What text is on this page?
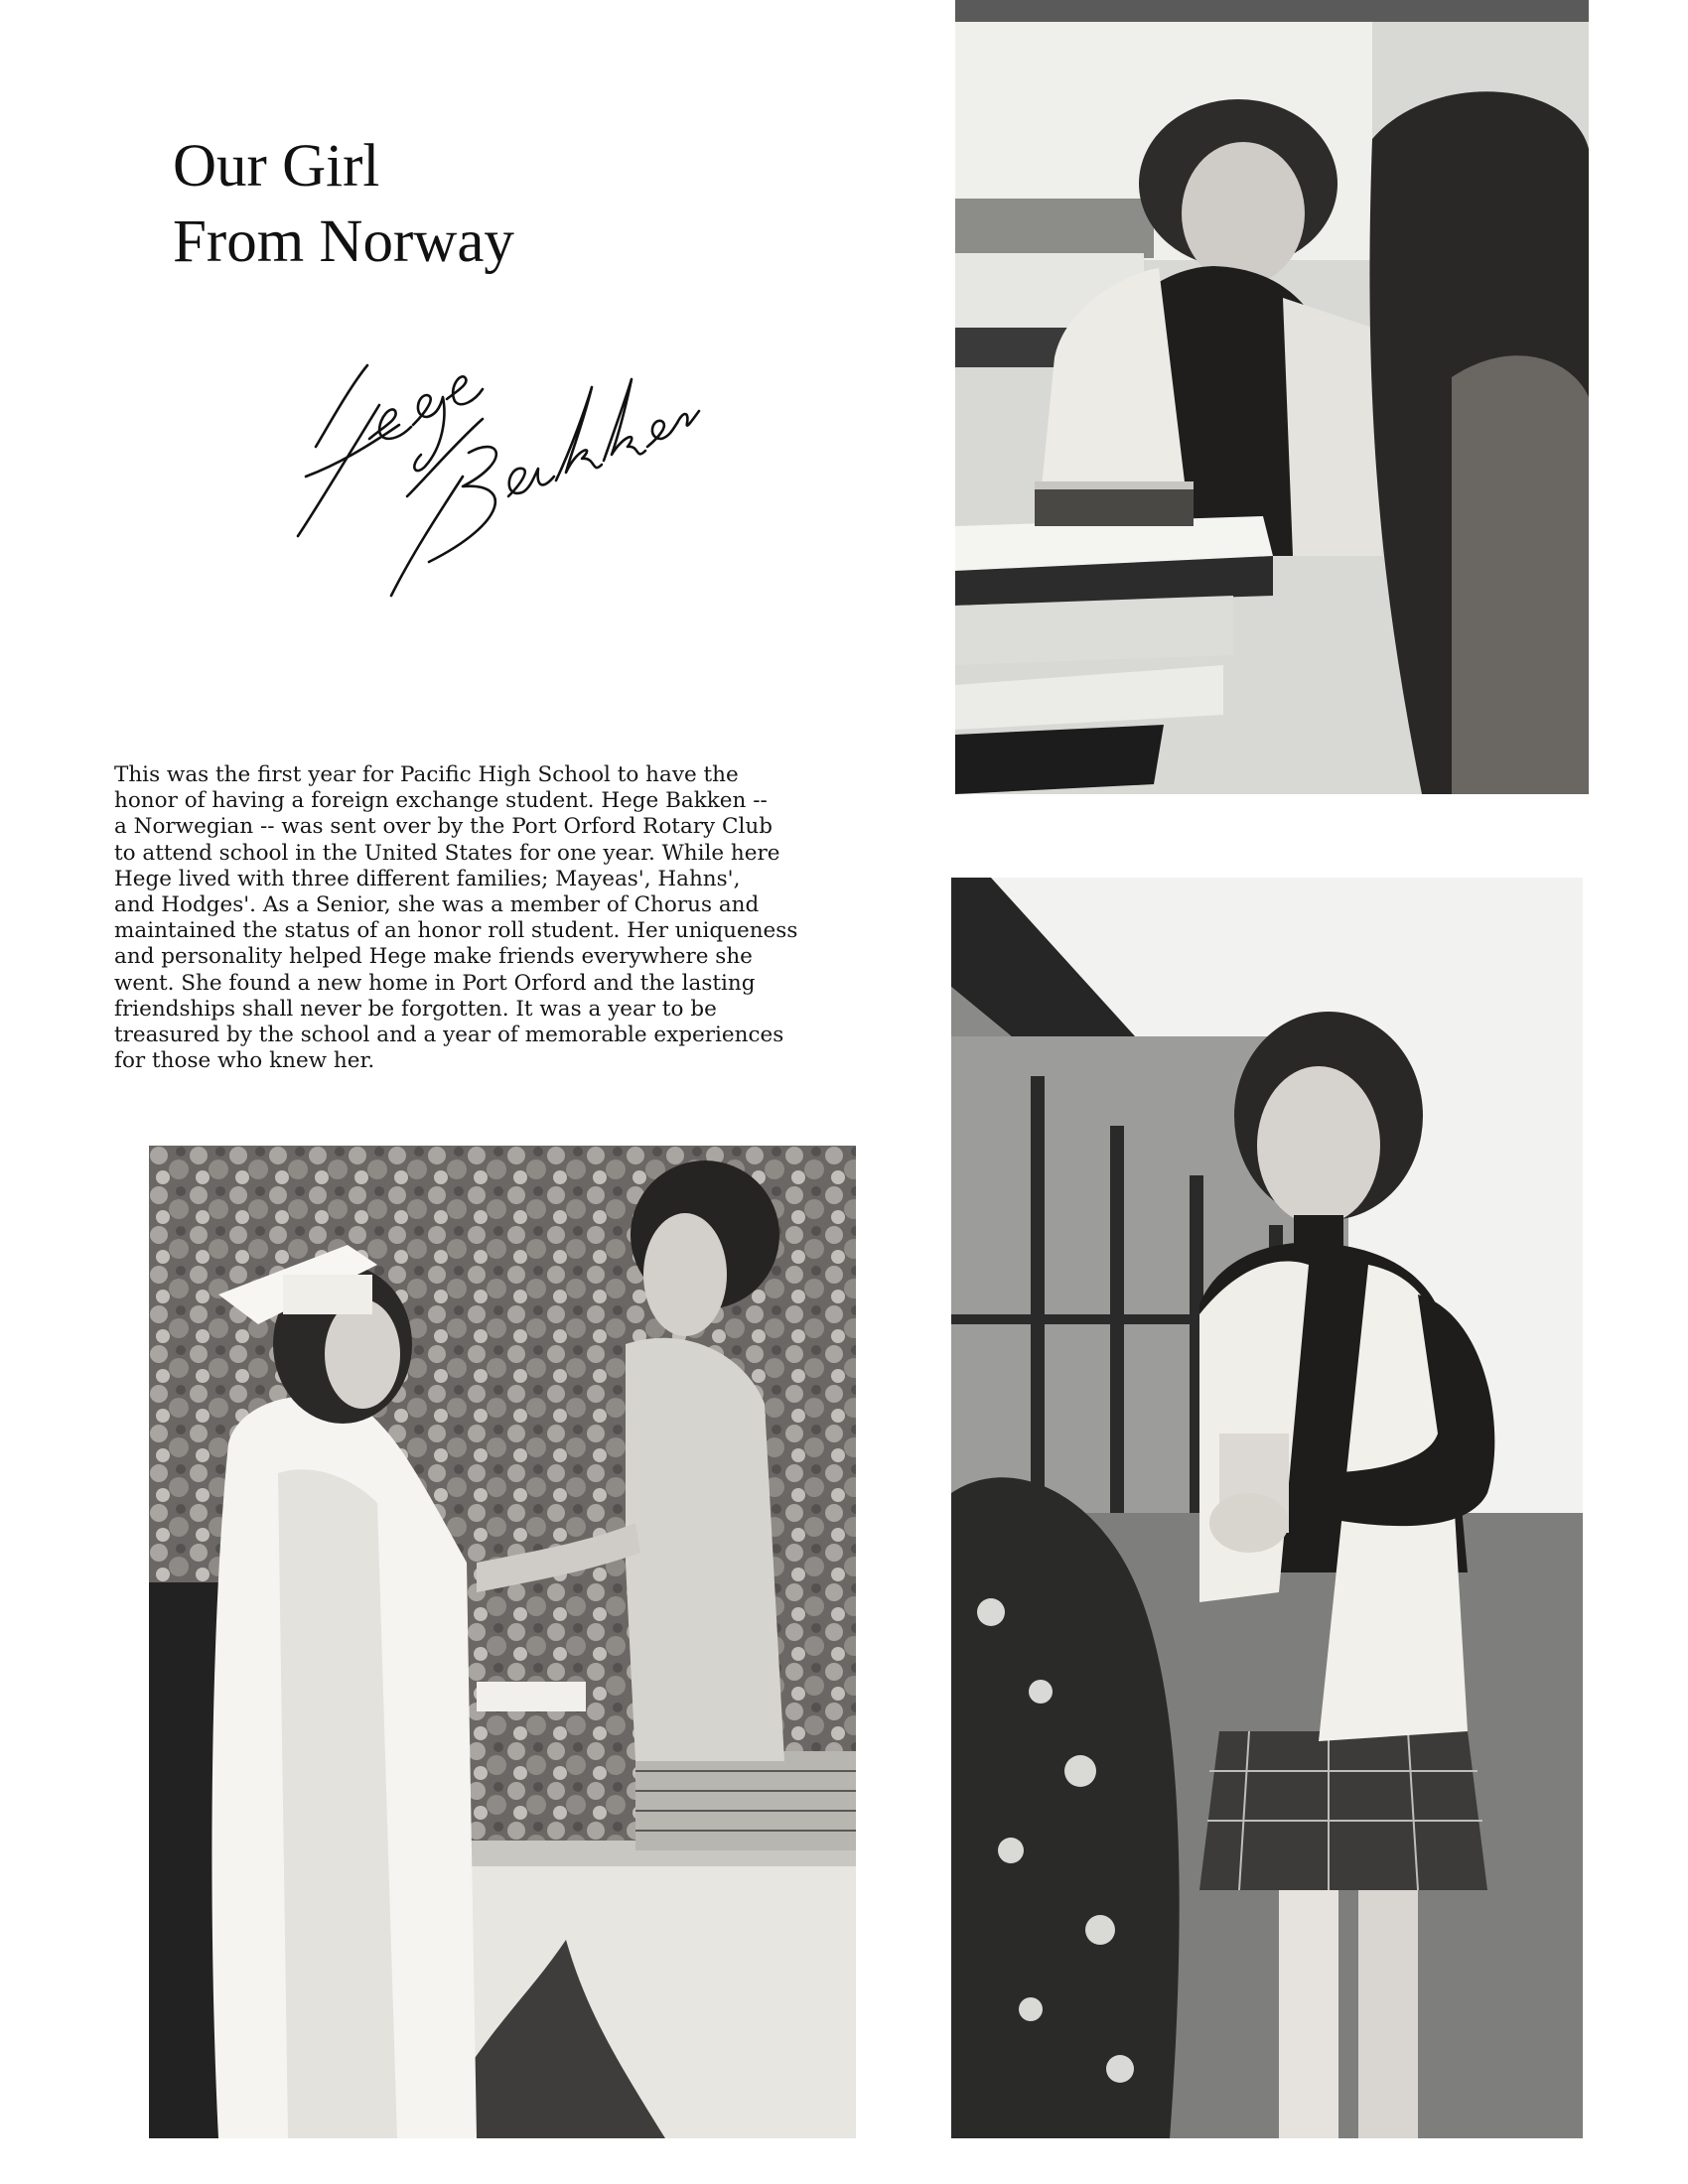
Our Girl
From Norway
This was the first year for Pacific High School to have the
honor of having a foreign exchange student. Hege Bakken --
a Norwegian -- was sent over by the Port Orford Rotary Club
to attend school in the United States for one year. While here
Hege lived with three different families; Mayeas', Hahns',
and Hodges'. As a Senior, she was a member of Chorus and
maintained the status of an honor roll student. Her uniqueness
and personality helped Hege make friends everywhere she
went. She found a new home in Port Orford and the lasting
friendships shall never be forgotten. It was a year to be
treasured by the school and a year of memorable experiences
for those who knew her.
